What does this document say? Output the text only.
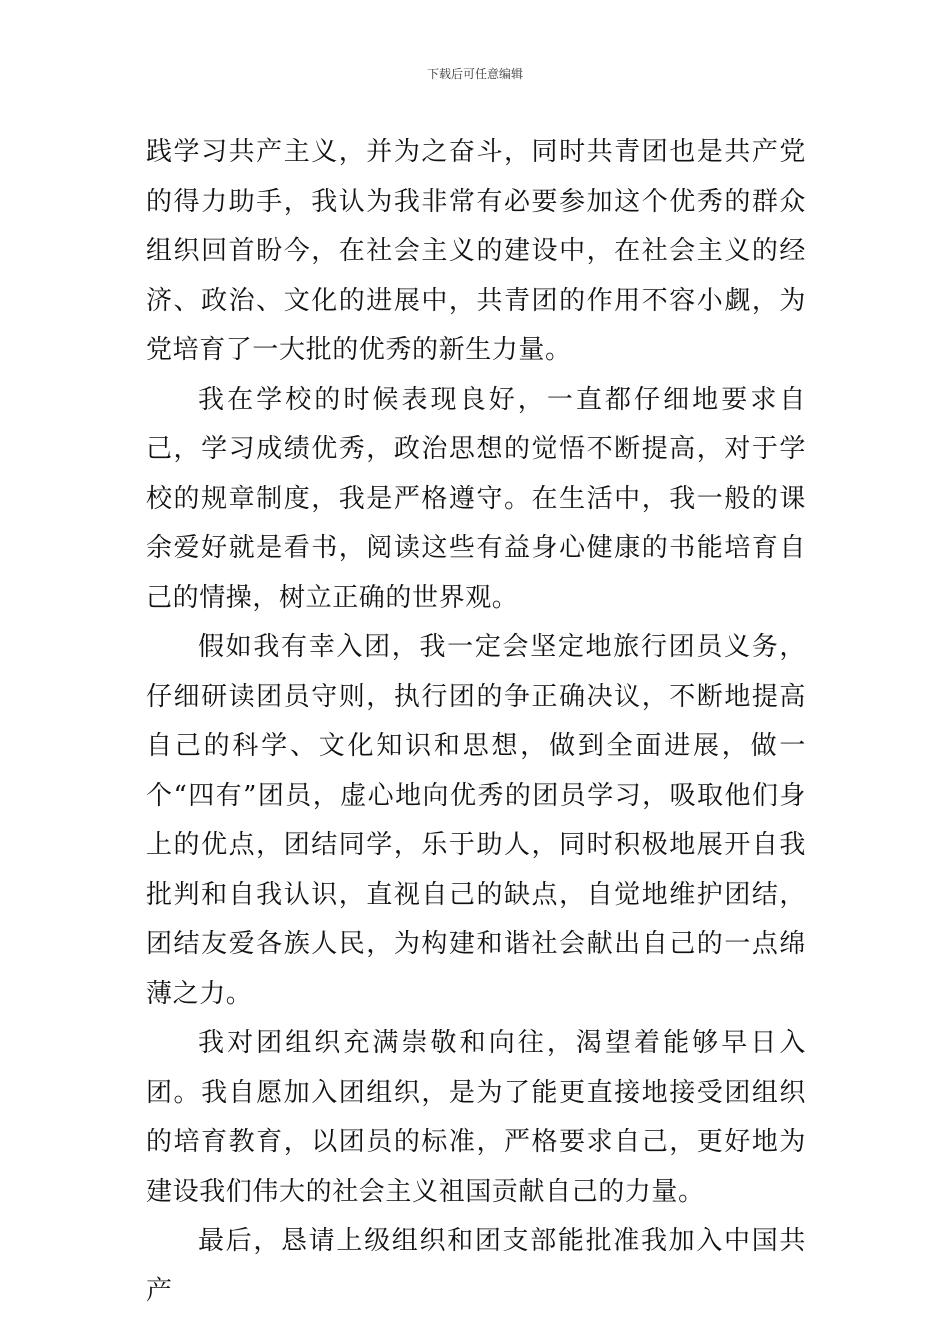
下载后可任意编辑

践学习共产主义，并为之奋斗，同时共青团也是共产党的得力助手，我认为我非常有必要参加这个优秀的群众组织回首盼今，在社会主义的建设中，在社会主义的经济、政治、文化的进展中，共青团的作用不容小觑，为党培育了一大批的优秀的新生力量。

我在学校的时候表现良好，一直都仔细地要求自己，学习成绩优秀，政治思想的觉悟不断提高，对于学校的规章制度，我是严格遵守。在生活中，我一般的课余爱好就是看书，阅读这些有益身心健康的书能培育自己的情操，树立正确的世界观。

假如我有幸入团，我一定会坚定地旅行团员义务，仔细研读团员守则，执行团的争正确决议，不断地提高自己的科学、文化知识和思想，做到全面进展，做一个“四有”团员，虚心地向优秀的团员学习，吸取他们身上的优点，团结同学，乐于助人，同时积极地展开自我批判和自我认识，直视自己的缺点，自觉地维护团结，团结友爱各族人民，为构建和谐社会献出自己的一点绵薄之力。

我对团组织充满崇敬和向往，渴望着能够早日入团。我自愿加入团组织，是为了能更直接地接受团组织的培育教育，以团员的标准，严格要求自己，更好地为建设我们伟大的社会主义祖国贡献自己的力量。

最后，恳请上级组织和团支部能批准我加入中国共产
